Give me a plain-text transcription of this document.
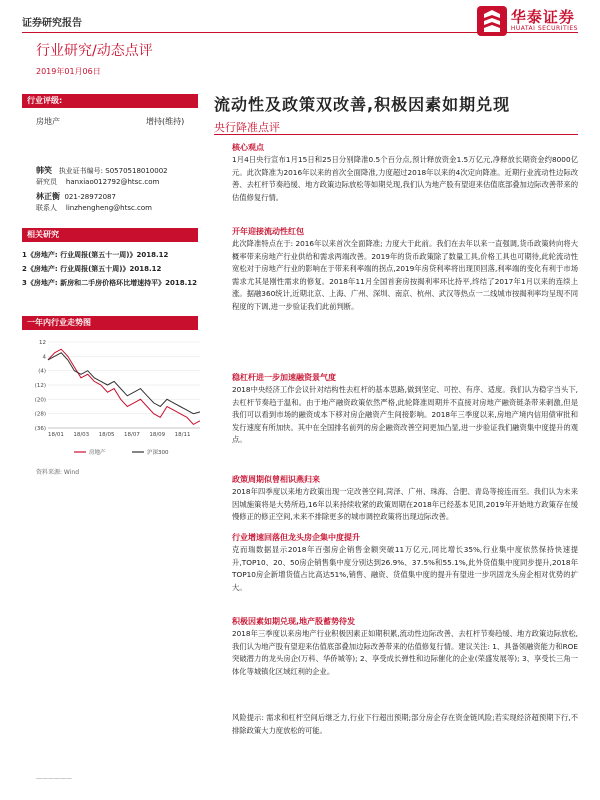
证券研究报告	华泰证券
HUATAI SECURITIES
行业研究/动态点评
2019年01月06日
行业评级:
房地产	增持(维持)
韩笑 执业证书编号: S0570518010002
研究员 hanxiao012792@htsc.com
林正衡 021-28972087
联系人 linzhengheng@htsc.com
相关研究
1《房地产: 行业周报(第五十一周)》2018.12
2《房地产: 行业周报(第五十周)》2018.12
3《房地产: 新房和二手房价格环比增速持平》2018.12
一年内行业走势图
12
4
(4)
(12)
(20)
(28)
(36)
18/01 18/03 18/05 18/07 18/09 18/11
房地产	沪深300
资料来源: Wind
流动性及政策双改善,积极因素如期兑现
央行降准点评
核心观点
1月4日央行宣布1月15日和25日分别降准0.5个百分点,预计释放资金1.5万亿元,净释放长期资金约8000亿元。此次降准为2016年以来的首次全面降准,力度超过2018年以来的4次定向降准。近期行业流动性边际改善、去杠杆节奏趋缓、地方政策边际放松等如期兑现,我们认为地产股有望迎来估值底部叠加边际改善带来的估值修复行情。
开年迎接流动性红包
此次降准特点在于: 2016年以来首次全面降准; 力度大于此前。我们在去年以来一直强调,货币政策转向将大概率带来房地产行业供给和需求两端改善。2019年的货币政策除了数量工具,价格工具也可期待,此轮流动性宽松对于房地产行业的影响在于带来利率端的拐点,2019年房贷利率将出现顶回落,利率端的变化有利于市场需求尤其是刚性需求的修复。2018年11月全国首套房按揭利率环比持平,终结了2017年1月以来的连续上涨。据融360统计,近期北京、上海、广州、深圳、南京、杭州、武汉等热点一二线城市按揭利率均呈现不同程度的下调,进一步验证我们此前判断。
稳杠杆进一步加速融资景气度
2018中央经济工作会议针对结构性去杠杆的基本思路,做到坚定、可控、有序、适度。我们认为稳字当头下,去杠杆节奏趋于温和。由于地产融资政策依然严格,此轮降准周期并不直接对房地产融资链条带来刺激,但是我们可以看到市场的融资成本下移对房企融资产生间接影响。2018年三季度以来,房地产境内信用债审批和发行速度有所加快。其中在全国排名前列的房企融资改善空间更加凸显,进一步验证我们融资集中度提升的观点。
政策周期似曾相识燕归来
2018年四季度以来地方政策出现一定改善空间,菏泽、广州、珠海、合肥、青岛等接连而至。我们认为未来因城施策将是大势所趋,16年以来持续收紧的政策周期在2018年已经基本见顶,2019年开始地方政策存在缓慢修正的修正空间,未来不排除更多的城市调控政策将出现边际改善。
行业增速回落但龙头房企集中度提升
克而瑞数据显示2018年百强房企销售金额突破11万亿元,同比增长35%,行业集中度依然保持快速提升,TOP10、20、50房企销售集中度分别达到26.9%、37.5%和55.1%,此外货值集中度同步提升,2018年TOP10房企新增货值占比高达51%,销售、融资、货值集中度的提升有望进一步巩固龙头房企相对优势的扩大。
积极因素如期兑现,地产股蓄势待发
2018年三季度以来房地产行业积极因素正如期积累,流动性边际改善、去杠杆节奏趋缓、地方政策边际放松,我们认为地产股有望迎来估值底部叠加边际改善带来的估值修复行情。建议关注: 1、具备领融资能力和ROE突破潜力的龙头房企(万科、华侨城等); 2、享受成长弹性和边际催化的企业(荣盛发展等); 3、享受长三角一体化等城镇化区域红利的企业。
风险提示: 需求和杠杆空间后继乏力,行业下行超出预期;部分房企存在资金链风险;若实现经济超预期下行,不排除政策大力度放松的可能。
——————
